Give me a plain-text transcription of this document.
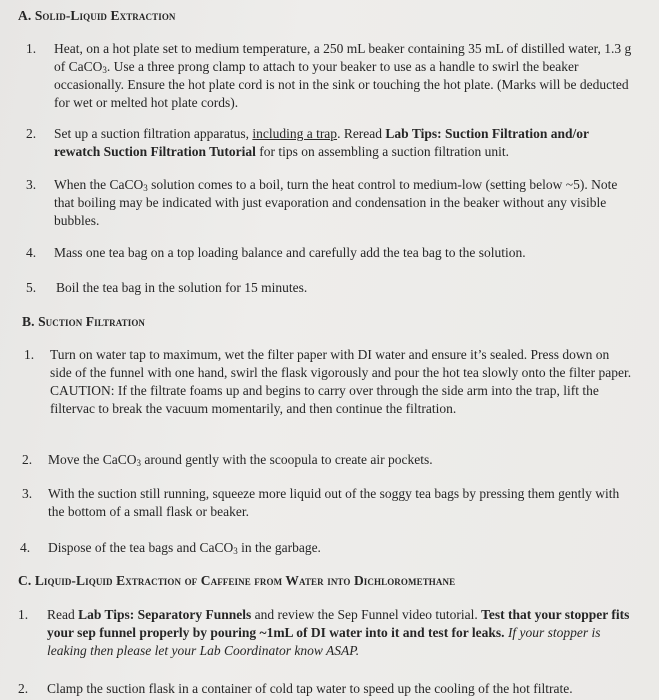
A. Solid-Liquid Extraction
1. Heat, on a hot plate set to medium temperature, a 250 mL beaker containing 35 mL of distilled water, 1.3 g of CaCO$_3$. Use a three prong clamp to attach to your beaker to use as a handle to swirl the beaker occasionally. Ensure the hot plate cord is not in the sink or touching the hot plate. (Marks will be deducted for wet or melted hot plate cords).
2. Set up a suction filtration apparatus, including a trap. Reread Lab Tips: Suction Filtration and/or rewatch Suction Filtration Tutorial for tips on assembling a suction filtration unit.
3. When the CaCO$_3$ solution comes to a boil, turn the heat control to medium-low (setting below ~5). Note that boiling may be indicated with just evaporation and condensation in the beaker without any visible bubbles.
4. Mass one tea bag on a top loading balance and carefully add the tea bag to the solution.
5. Boil the tea bag in the solution for 15 minutes.
B. Suction Filtration
1. Turn on water tap to maximum, wet the filter paper with DI water and ensure it’s sealed. Press down on side of the funnel with one hand, swirl the flask vigorously and pour the hot tea slowly onto the filter paper. CAUTION: If the filtrate foams up and begins to carry over through the side arm into the trap, lift the filtervac to break the vacuum momentarily, and then continue the filtration.
2. Move the CaCO$_3$ around gently with the scoopula to create air pockets.
3. With the suction still running, squeeze more liquid out of the soggy tea bags by pressing them gently with the bottom of a small flask or beaker.
4. Dispose of the tea bags and CaCO$_3$ in the garbage.
C. Liquid-Liquid Extraction of Caffeine from Water into Dichloromethane
1. Read Lab Tips: Separatory Funnels and review the Sep Funnel video tutorial. Test that your stopper fits your sep funnel properly by pouring ~1mL of DI water into it and test for leaks. If your stopper is leaking then please let your Lab Coordinator know ASAP.
2. Clamp the suction flask in a container of cold tap water to speed up the cooling of the hot filtrate.
